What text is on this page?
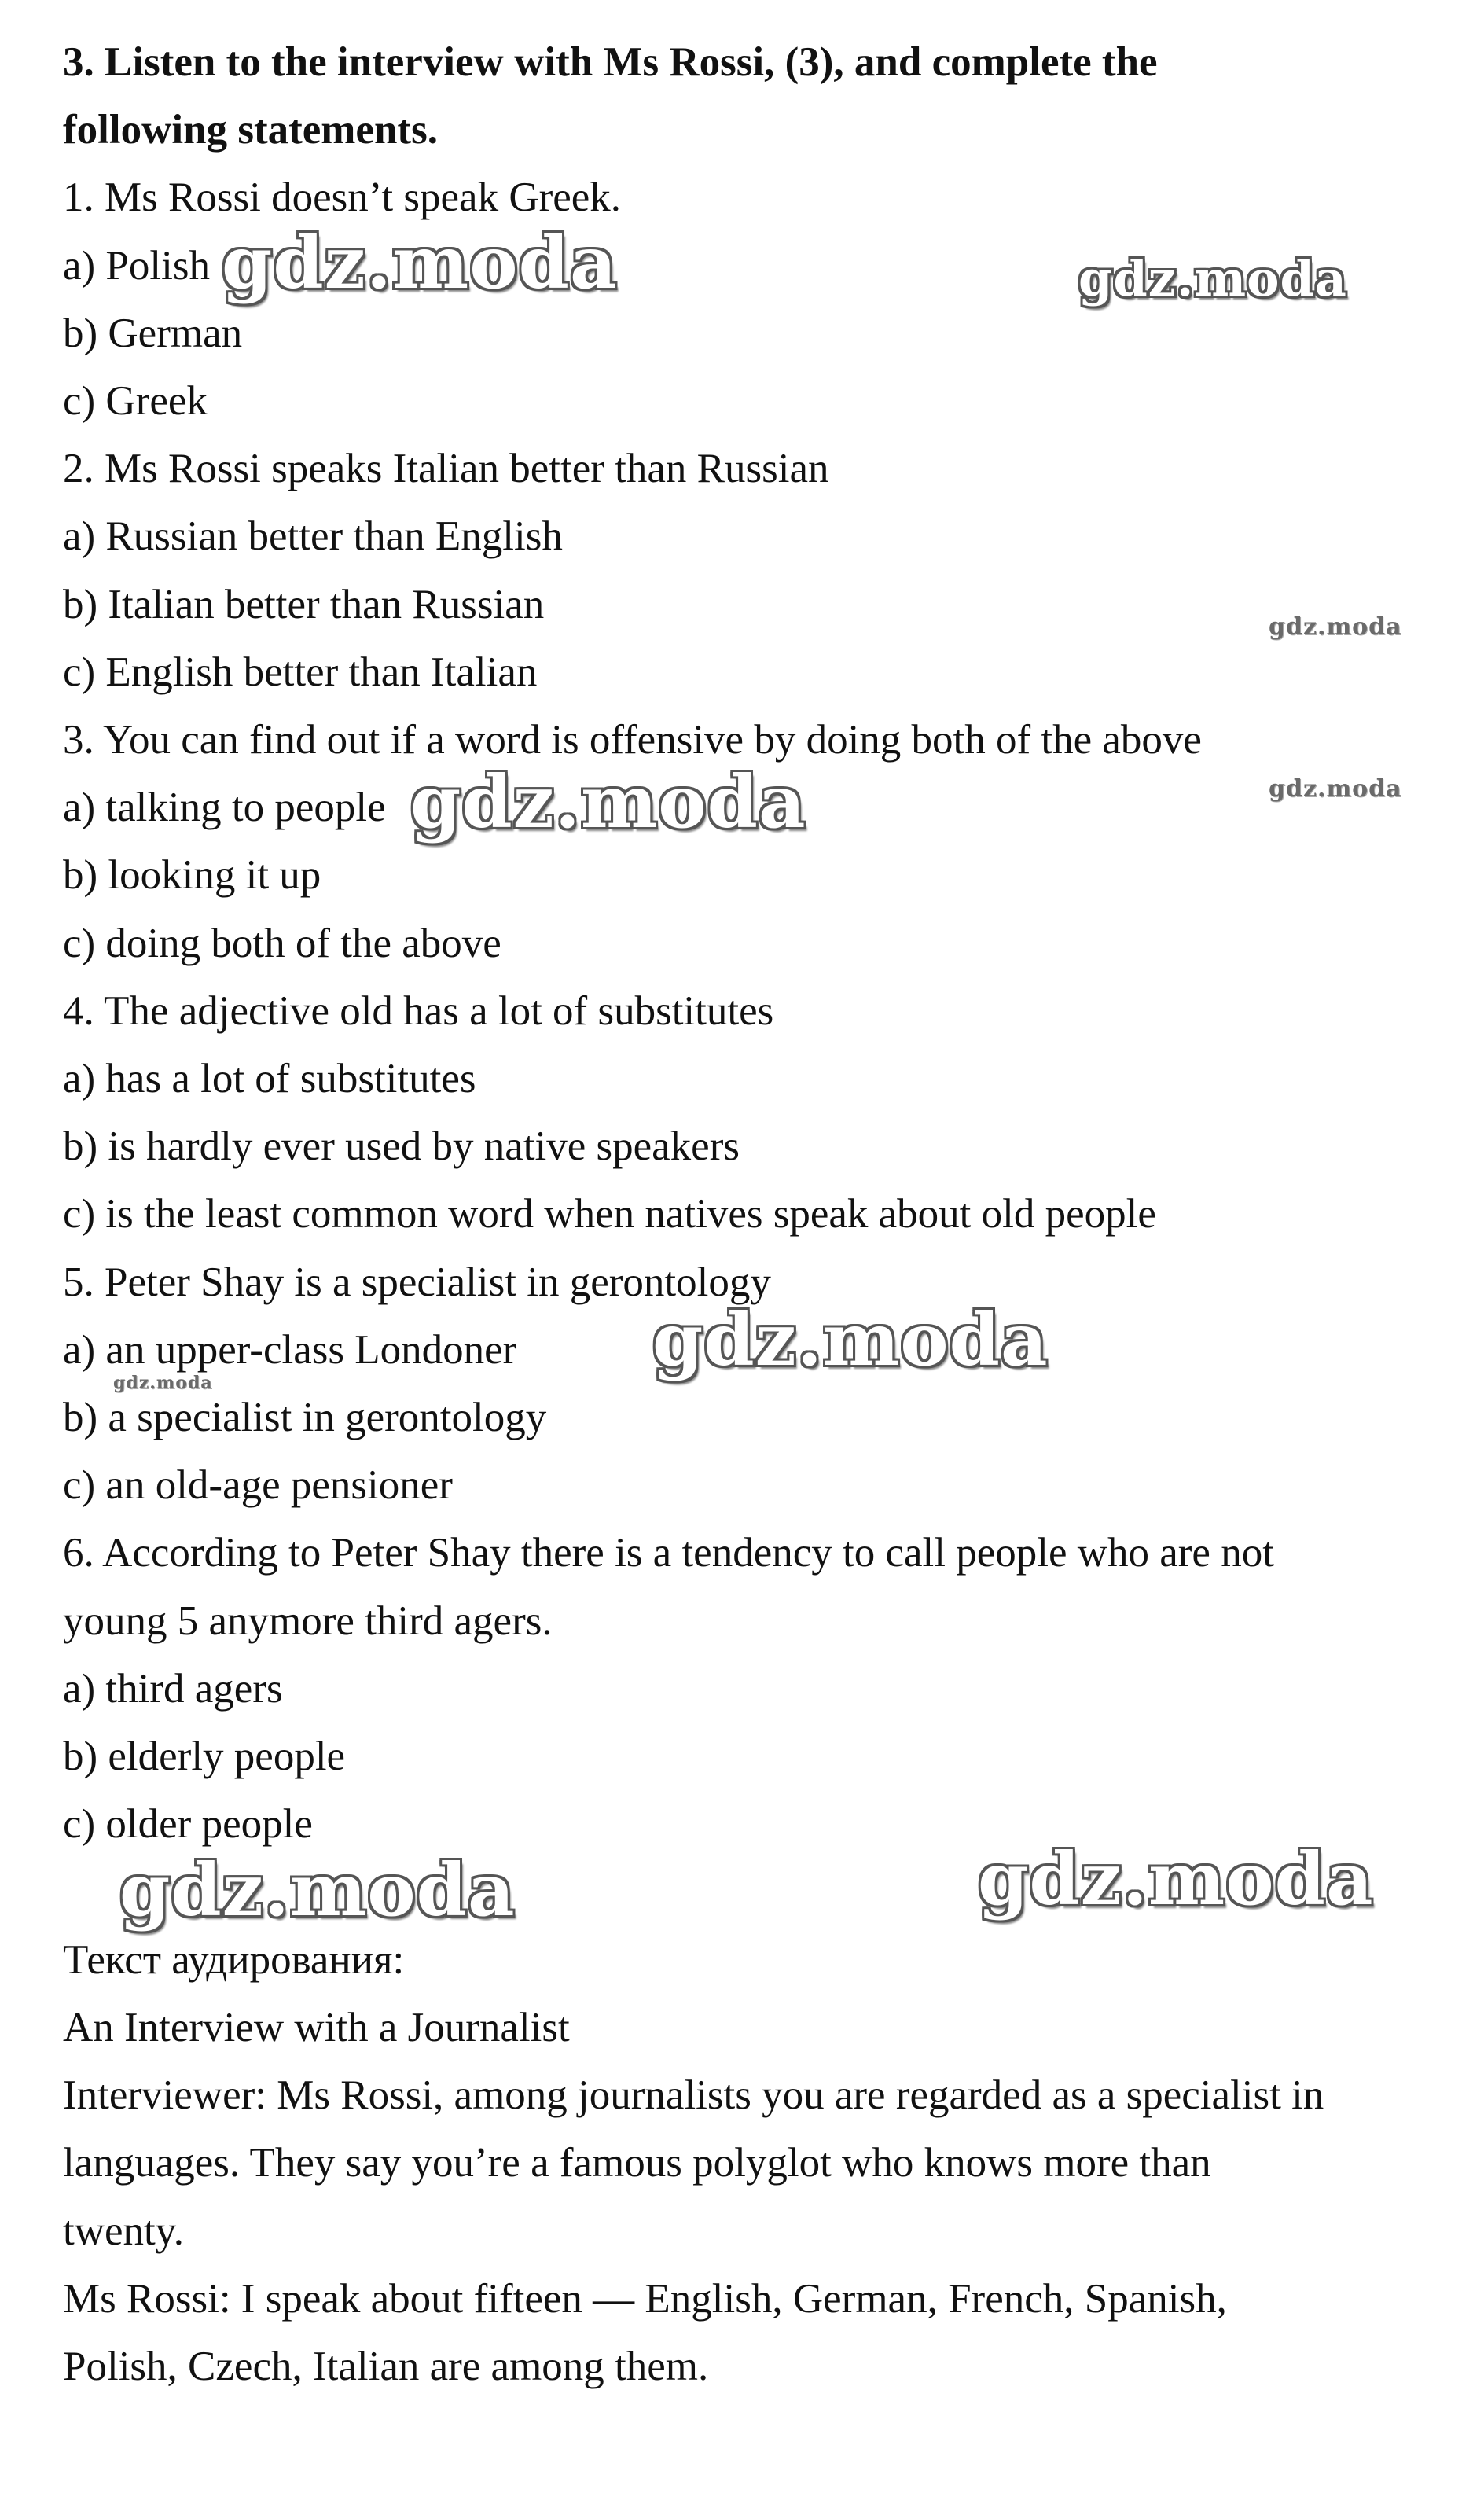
3. Listen to the interview with Ms Rossi, (3), and complete the
following statements.
1. Ms Rossi doesn’t speak Greek.
a) Polish
b) German
c) Greek
2. Ms Rossi speaks Italian better than Russian
a) Russian better than English
b) Italian better than Russian
c) English better than Italian
3. You can find out if a word is offensive by doing both of the above
a) talking to people
b) looking it up
c) doing both of the above
4. The adjective old has a lot of substitutes
a) has a lot of substitutes
b) is hardly ever used by native speakers
c) is the least common word when natives speak about old people
5. Peter Shay is a specialist in gerontology
a) an upper-class Londoner
b) a specialist in gerontology
c) an old-age pensioner
6. According to Peter Shay there is a tendency to call people who are not
young 5 anymore third agers.
a) third agers
b) elderly people
c) older people

Текст аудирования:
An Interview with a Journalist
Interviewer: Ms Rossi, among journalists you are regarded as a specialist in
languages. They say you’re a famous polyglot who knows more than
twenty.
Ms Rossi: I speak about fifteen — English, German, French, Spanish,
Polish, Czech, Italian are among them.
gdz.moda	gdz.moda
gdz.moda
gdz.moda	gdz.moda
gdz.moda
gdz.moda
gdz.moda	gdz.moda
